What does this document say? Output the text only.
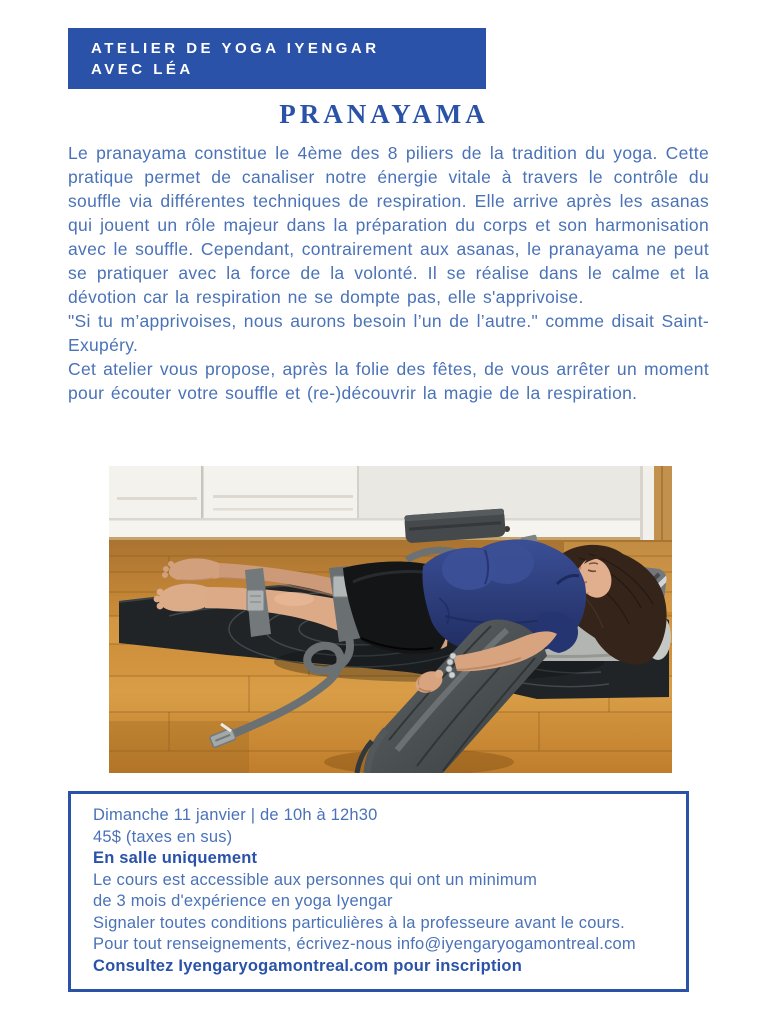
ATELIER DE YOGA IYENGAR
AVEC LÉA
PRANAYAMA

Le pranayama constitue le 4ème des 8 piliers de la tradition du yoga. Cette pratique permet de canaliser notre énergie vitale à travers le contrôle du souffle via différentes techniques de respiration. Elle arrive après les asanas qui jouent un rôle majeur dans la préparation du corps et son harmonisation avec le souffle. Cependant, contrairement aux asanas, le pranayama ne peut se pratiquer avec la force de la volonté. Il se réalise dans le calme et la dévotion car la respiration ne se dompte pas, elle s'apprivoise.

"Si tu m’apprivoises, nous aurons besoin l’un de l’autre." comme disait Saint-Exupéry.

Cet atelier vous propose, après la folie des fêtes, de vous arrêter un moment pour écouter votre souffle et (re-)découvrir la magie de la respiration.

Dimanche 11 janvier | de 10h à 12h30
45$ (taxes en sus)
En salle uniquement
Le cours est accessible aux personnes qui ont un minimum
de 3 mois d'expérience en yoga Iyengar
Signaler toutes conditions particulières à la professeure avant le cours.
Pour tout renseignements, écrivez-nous info@iyengaryogamontreal.com
Consultez Iyengaryogamontreal.com pour inscription
